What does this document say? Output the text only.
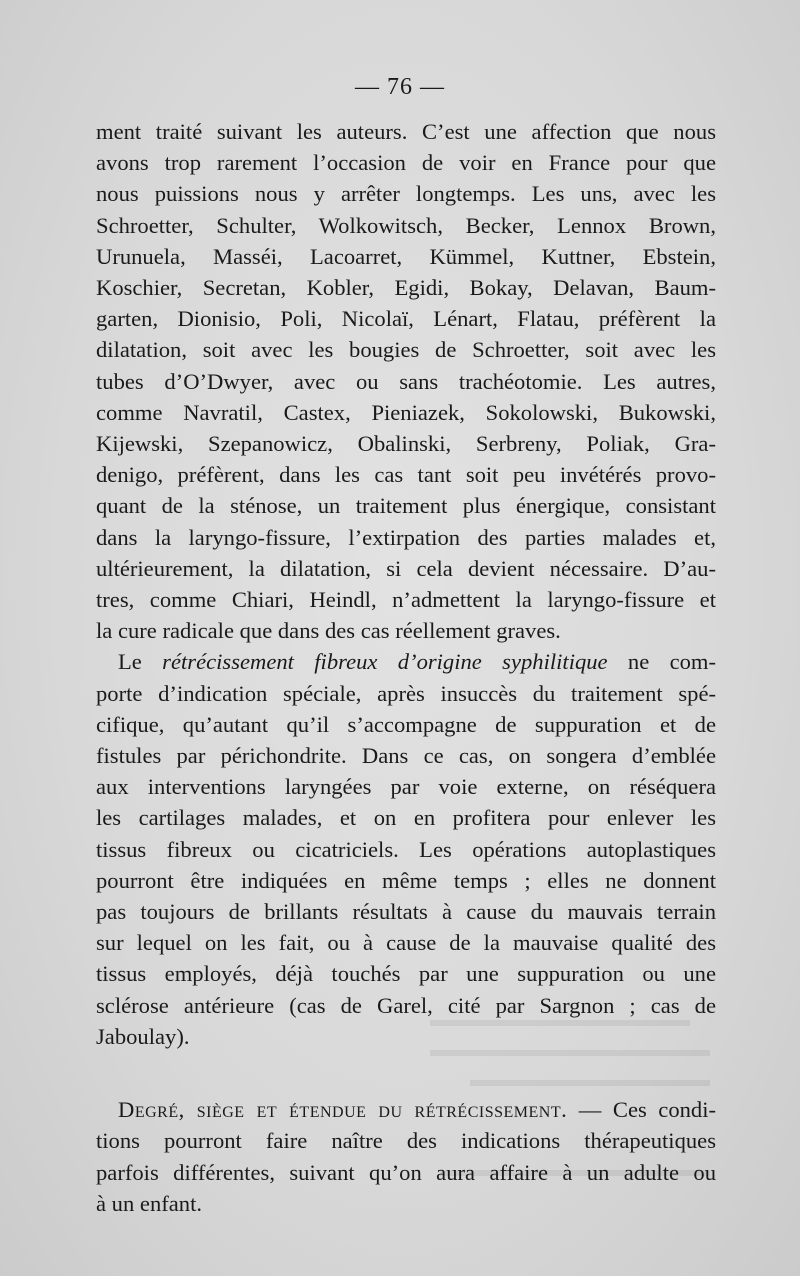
— 76 —
ment traité suivant les auteurs. C’est une affection que nous
avons trop rarement l’occasion de voir en France pour que
nous puissions nous y arrêter longtemps. Les uns, avec les
Schroetter, Schulter, Wolkowitsch, Becker, Lennox Brown,
Urunuela, Masséi, Lacoarret, Kümmel, Kuttner, Ebstein,
Koschier, Secretan, Kobler, Egidi, Bokay, Delavan, Baum-
garten, Dionisio, Poli, Nicolaï, Lénart, Flatau, préfèrent la
dilatation, soit avec les bougies de Schroetter, soit avec les
tubes d’O’Dwyer, avec ou sans trachéotomie. Les autres,
comme Navratil, Castex, Pieniazek, Sokolowski, Bukowski,
Kijewski, Szepanowicz, Obalinski, Serbreny, Poliak, Gra-
denigo, préfèrent, dans les cas tant soit peu invétérés provo-
quant de la sténose, un traitement plus énergique, consistant
dans la laryngo-fissure, l’extirpation des parties malades et,
ultérieurement, la dilatation, si cela devient nécessaire. D’au-
tres, comme Chiari, Heindl, n’admettent la laryngo-fissure et
la cure radicale que dans des cas réellement graves.
Le rétrécissement fibreux d’origine syphilitique ne com-
porte d’indication spéciale, après insuccès du traitement spé-
cifique, qu’autant qu’il s’accompagne de suppuration et de
fistules par périchondrite. Dans ce cas, on songera d’emblée
aux interventions laryngées par voie externe, on réséquera
les cartilages malades, et on en profitera pour enlever les
tissus fibreux ou cicatriciels. Les opérations autoplastiques
pourront être indiquées en même temps ; elles ne donnent
pas toujours de brillants résultats à cause du mauvais terrain
sur lequel on les fait, ou à cause de la mauvaise qualité des
tissus employés, déjà touchés par une suppuration ou une
sclérose antérieure (cas de Garel, cité par Sargnon ; cas de
Jaboulay).
Degré, siège et étendue du rétrécissement. — Ces condi-
tions pourront faire naître des indications thérapeutiques
parfois différentes, suivant qu’on aura affaire à un adulte ou
à un enfant.
